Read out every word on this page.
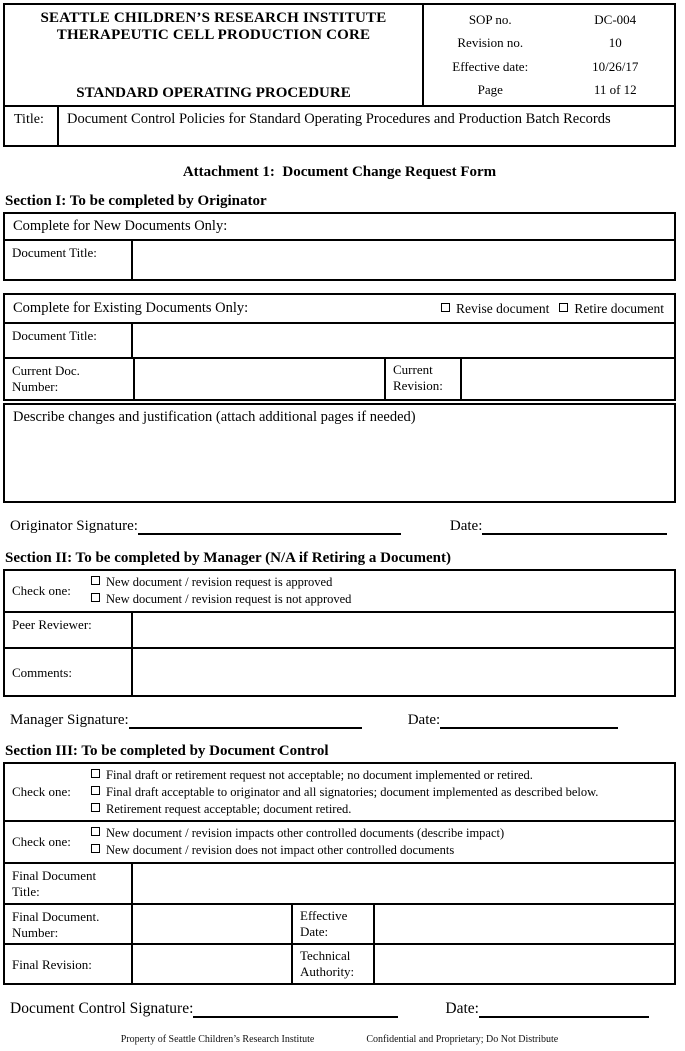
SEATTLE CHILDREN’S RESEARCH INSTITUTE
THERAPEUTIC CELL PRODUCTION CORE
STANDARD OPERATING PROCEDURE
SOP no.	DC-004
Revision no.	10
Effective date:	10/26/17
Page	11 of 12
Title:	Document Control Policies for Standard Operating Procedures and Production Batch Records
Attachment 1:  Document Change Request Form
Section I: To be completed by Originator
Complete for New Documents Only:
Document Title:
Complete for Existing Documents Only:	Revise document Retire document
Document Title:
Current Doc. Number:
Current Revision:
Describe changes and justification (attach additional pages if needed)
Originator Signature:	Date:
Section II: To be completed by Manager (N/A if Retiring a Document)
Check one:
New document / revision request is approved
New document / revision request is not approved
Peer Reviewer:
Comments:
Manager Signature:	Date:
Section III: To be completed by Document Control
Check one:
Final draft or retirement request not acceptable; no document implemented or retired.
Final draft acceptable to originator and all signatories; document implemented as described below.
Retirement request acceptable; document retired.
Check one:
New document / revision impacts other controlled documents (describe impact)
New document / revision does not impact other controlled documents
Final Document Title:
Final Document. Number:
Effective Date:
Final Revision:
Technical Authority:
Document Control Signature:	Date:
Property of Seattle Children’s Research Institute	Confidential and Proprietary; Do Not Distribute
